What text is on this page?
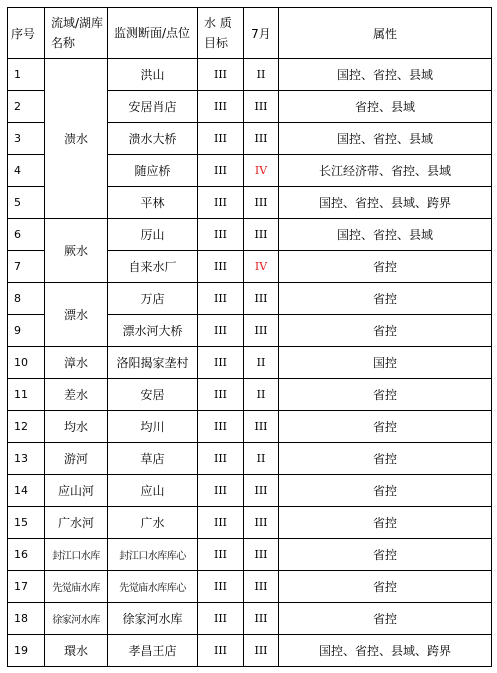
序号	流域/湖库名称	监测断面/点位	水 质 目标	7月	属性
1	溃水	洪山	III	II	国控、省控、县域
2		安居肖店	III	III	省控、县域
3		溃水大桥	III	III	国控、省控、县域
4		随应桥	III	IV	长江经济带、省控、县域
5		平林	III	III	国控、省控、县域、跨界
6	厥水	厉山	III	III	国控、省控、县域
7		自来水厂	III	IV	省控
8	漂水	万店	III	III	省控
9		漂水河大桥	III	III	省控
10	漳水	洛阳揭家垄村	III	II	国控
11	差水	安居	III	II	省控
12	均水	均川	III	III	省控
13	游河	草店	III	II	省控
14	应山河	应山	III	III	省控
15	广水河	广水	III	III	省控
16	封江口水库	封江口水库库心	III	III	省控
17	先觉庙水库	先觉庙水库库心	III	III	省控
18	徐家河水库	徐家河水库	III	III	省控
19	環水	孝昌王店	III	III	国控、省控、县域、跨界
